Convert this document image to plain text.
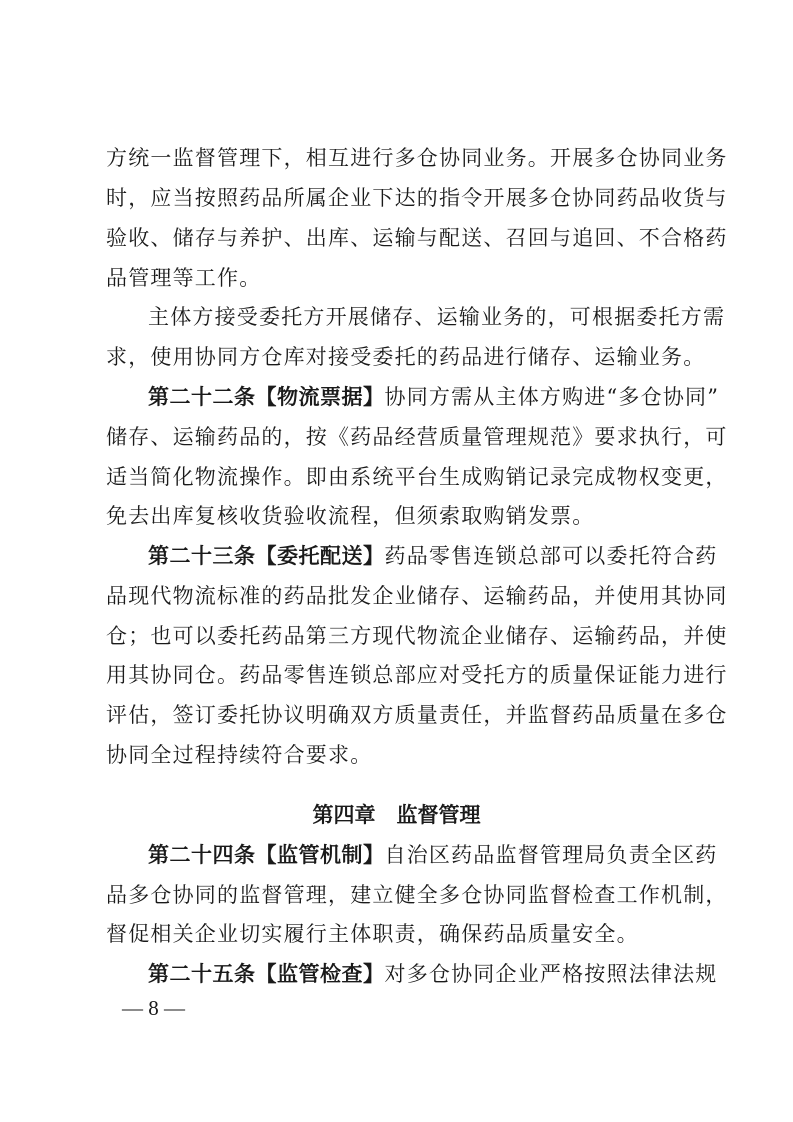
方统一监督管理下，相互进行多仓协同业务。开展多仓协同业务
时，应当按照药品所属企业下达的指令开展多仓协同药品收货与
验收、储存与养护、出库、运输与配送、召回与追回、不合格药
品管理等工作。
主体方接受委托方开展储存、运输业务的，可根据委托方需
求，使用协同方仓库对接受委托的药品进行储存、运输业务。
第二十二条【物流票据】协同方需从主体方购进“多仓协同”
储存、运输药品的，按《药品经营质量管理规范》要求执行，可
适当简化物流操作。即由系统平台生成购销记录完成物权变更，
免去出库复核收货验收流程，但须索取购销发票。
第二十三条【委托配送】药品零售连锁总部可以委托符合药
品现代物流标准的药品批发企业储存、运输药品，并使用其协同
仓；也可以委托药品第三方现代物流企业储存、运输药品，并使
用其协同仓。药品零售连锁总部应对受托方的质量保证能力进行
评估，签订委托协议明确双方质量责任，并监督药品质量在多仓
协同全过程持续符合要求。
第四章　监督管理
第二十四条【监管机制】自治区药品监督管理局负责全区药
品多仓协同的监督管理，建立健全多仓协同监督检查工作机制，
督促相关企业切实履行主体职责，确保药品质量安全。
第二十五条【监管检查】对多仓协同企业严格按照法律法规
— 8 —
